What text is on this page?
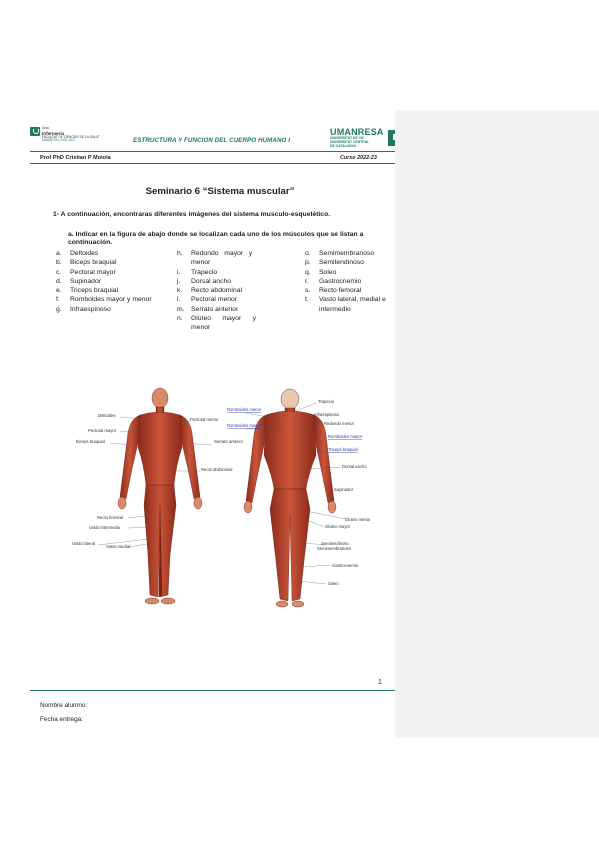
Grau
Infermeria
FACULTAT DE CIÈNCIES DE LA SALUT
MANRESA | UVIC-UCC	ESTRUCTURA Y FUNCION DEL CUERPO HUMANO I
UMANRESA
UNIVERSITAT DE VIC
UNIVERSITAT CENTRAL
DE CATALUNYA
Prof PhD Cristian P Moiola	Curso 2022-23
Seminario 6 “Sistema muscular”
1- A continuación, encontraras diferentes imágenes del sistema musculo-esquelético.
a. Indicar en la figura de abajo donde se localizan cada uno de los músculos que se listan a continuación.
a.	Deltoides
b.	Biceps braquial
c.	Pectoral mayor
d.	Supinador
e.	Triceps braquial
f.	Romboides mayor y menor
g.	Infraespinoso
h.	Redondo   mayor   y menor
i.	Trapecio
j.	Dorsal ancho
k.	Recto abdominal
l.	Pectoral menor
m. Serrato anterior
n.	Glúteo      mayor      y menor
o.	Semimembranoso
p.	Semitendinoso
q.	Soleo
r.	Gastrocnemio
s.	Recto femoral
t.	Vasto lateral, medial e intermedio
Deltoides
Pectoral mayor
Biceps braquial
Pectoral menor
Serrato anterior
Recto abdominal
Recto femoral
Vasto intermedio
Vasto lateral
Vasto medial
Romboides menor
Romboides mayor
Trapecio
Infraespinoso
Redondo menor
Romboides mayor
Triceps braquial
Dorsal ancho
Supinador
Gluteo menor
Gluteo mayor
Semitendinoso
Semimembranoso
Gastrocnemio
Soleo
1
Nombre alumno:
Fecha entrega:
